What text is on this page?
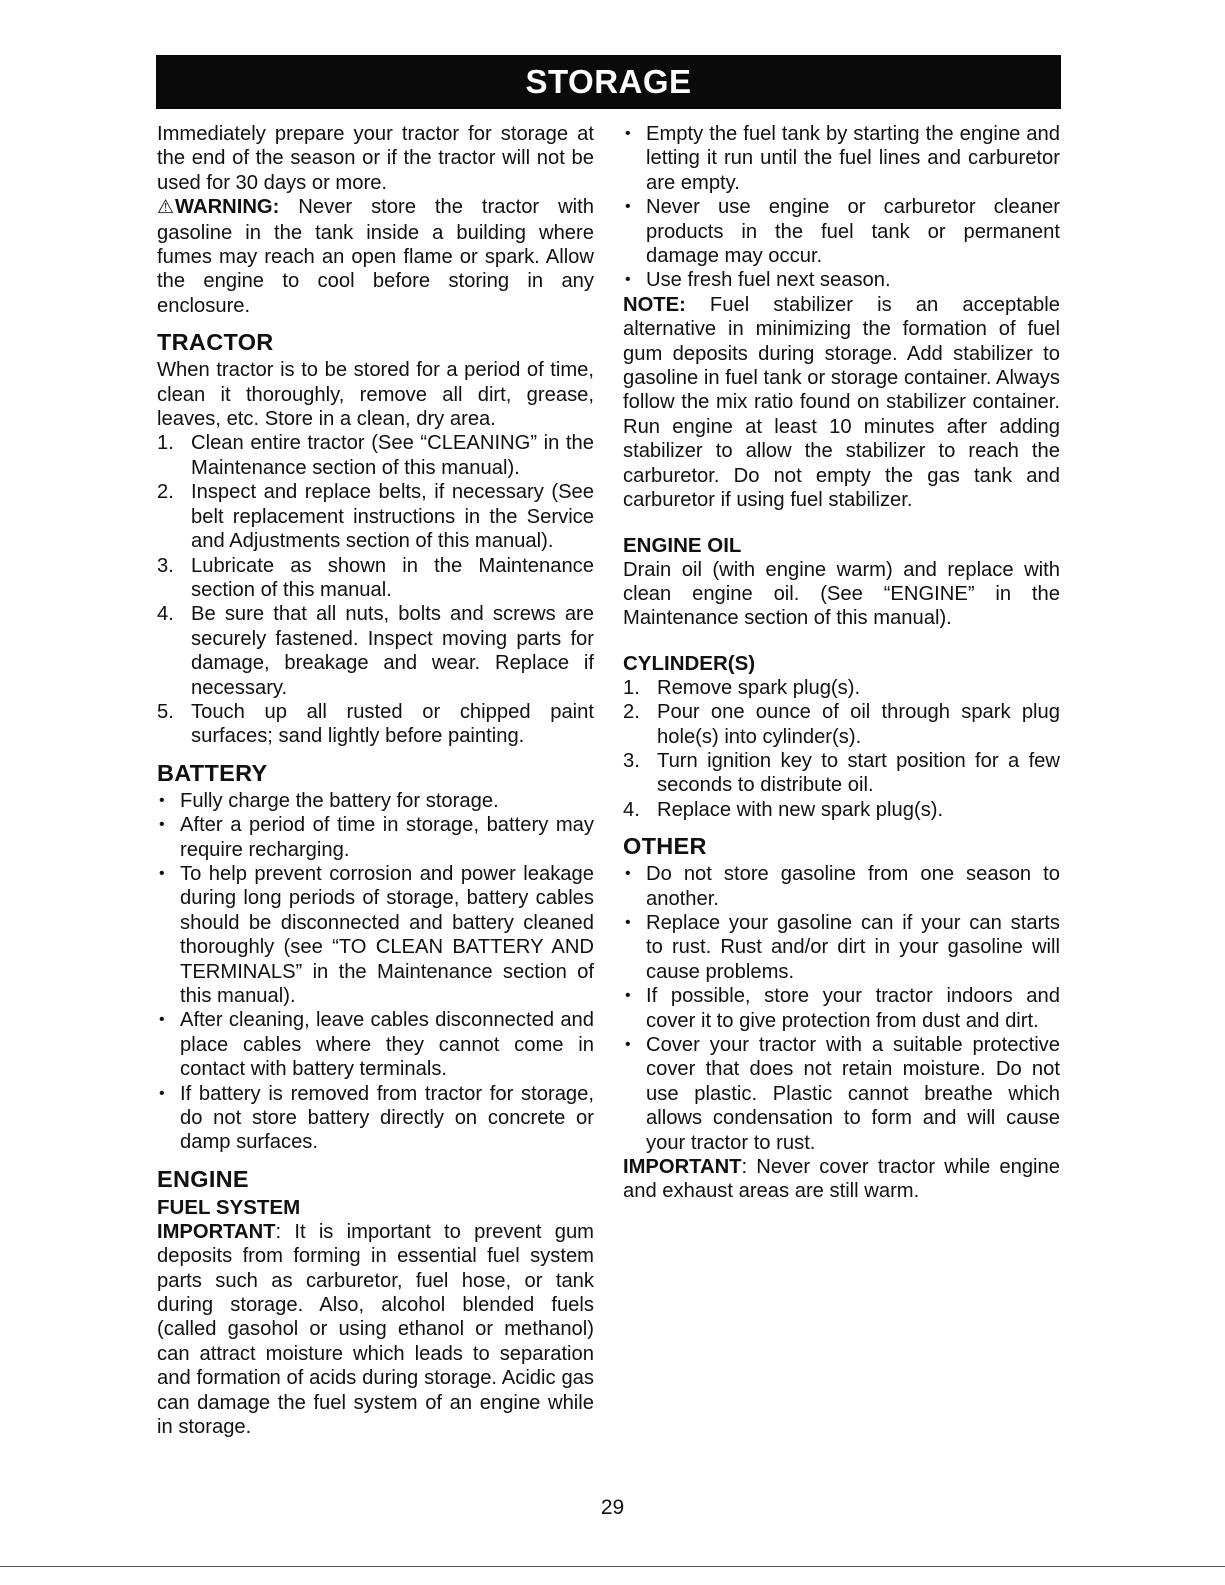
STORAGE

Immediately prepare your tractor for storage at the end of the season or if the tractor will not be used for 30 days or more.

⚠WARNING: Never store the tractor with gasoline in the tank inside a building where fumes may reach an open flame or spark. Allow the engine to cool before storing in any enclosure.

TRACTOR

When tractor is to be stored for a period of time, clean it thoroughly, remove all dirt, grease, leaves, etc. Store in a clean, dry area.

1. Clean entire tractor (See “CLEANING” in the Maintenance section of this manual).
2. Inspect and replace belts, if necessary (See belt replacement instructions in the Service and Adjustments section of this manual).
3. Lubricate as shown in the Maintenance section of this manual.
4. Be sure that all nuts, bolts and screws are securely fastened. Inspect moving parts for damage, breakage and wear. Replace if necessary.
5. Touch up all rusted or chipped paint surfaces; sand lightly before painting.
BATTERY
• Fully charge the battery for storage.
• After a period of time in storage, battery may require recharging.
• To help prevent corrosion and power leakage during long periods of storage, battery cables should be disconnected and battery cleaned thoroughly (see “TO CLEAN BATTERY AND TERMINALS” in the Maintenance section of this manual).
• After cleaning, leave cables disconnected and place cables where they cannot come in contact with battery terminals.
• If battery is removed from tractor for storage, do not store battery directly on concrete or damp surfaces.
ENGINE
FUEL SYSTEM

IMPORTANT: It is important to prevent gum deposits from forming in essential fuel system parts such as carburetor, fuel hose, or tank during storage. Also, alcohol blended fuels (called gasohol or using ethanol or methanol) can attract moisture which leads to separation and formation of acids during storage. Acidic gas can damage the fuel system of an engine while in storage.

• Empty the fuel tank by starting the engine and letting it run until the fuel lines and carburetor are empty.
• Never use engine or carburetor cleaner products in the fuel tank or permanent damage may occur.
• Use fresh fuel next season.

NOTE: Fuel stabilizer is an acceptable alternative in minimizing the formation of fuel gum deposits during storage. Add stabilizer to gasoline in fuel tank or storage container. Always follow the mix ratio found on stabilizer container. Run engine at least 10 minutes after adding stabilizer to allow the stabilizer to reach the carburetor. Do not empty the gas tank and carburetor if using fuel stabilizer.

ENGINE OIL

Drain oil (with engine warm) and replace with clean engine oil. (See “ENGINE” in the Maintenance section of this manual).

CYLINDER(S)
1. Remove spark plug(s).
2. Pour one ounce of oil through spark plug hole(s) into cylinder(s).
3. Turn ignition key to start position for a few seconds to distribute oil.
4. Replace with new spark plug(s).
OTHER
• Do not store gasoline from one season to another.
• Replace your gasoline can if your can starts to rust. Rust and/or dirt in your gasoline will cause problems.
• If possible, store your tractor indoors and cover it to give protection from dust and dirt.
• Cover your tractor with a suitable protective cover that does not retain moisture. Do not use plastic. Plastic cannot breathe which allows condensation to form and will cause your tractor to rust.

IMPORTANT: Never cover tractor while engine and exhaust areas are still warm.

29
